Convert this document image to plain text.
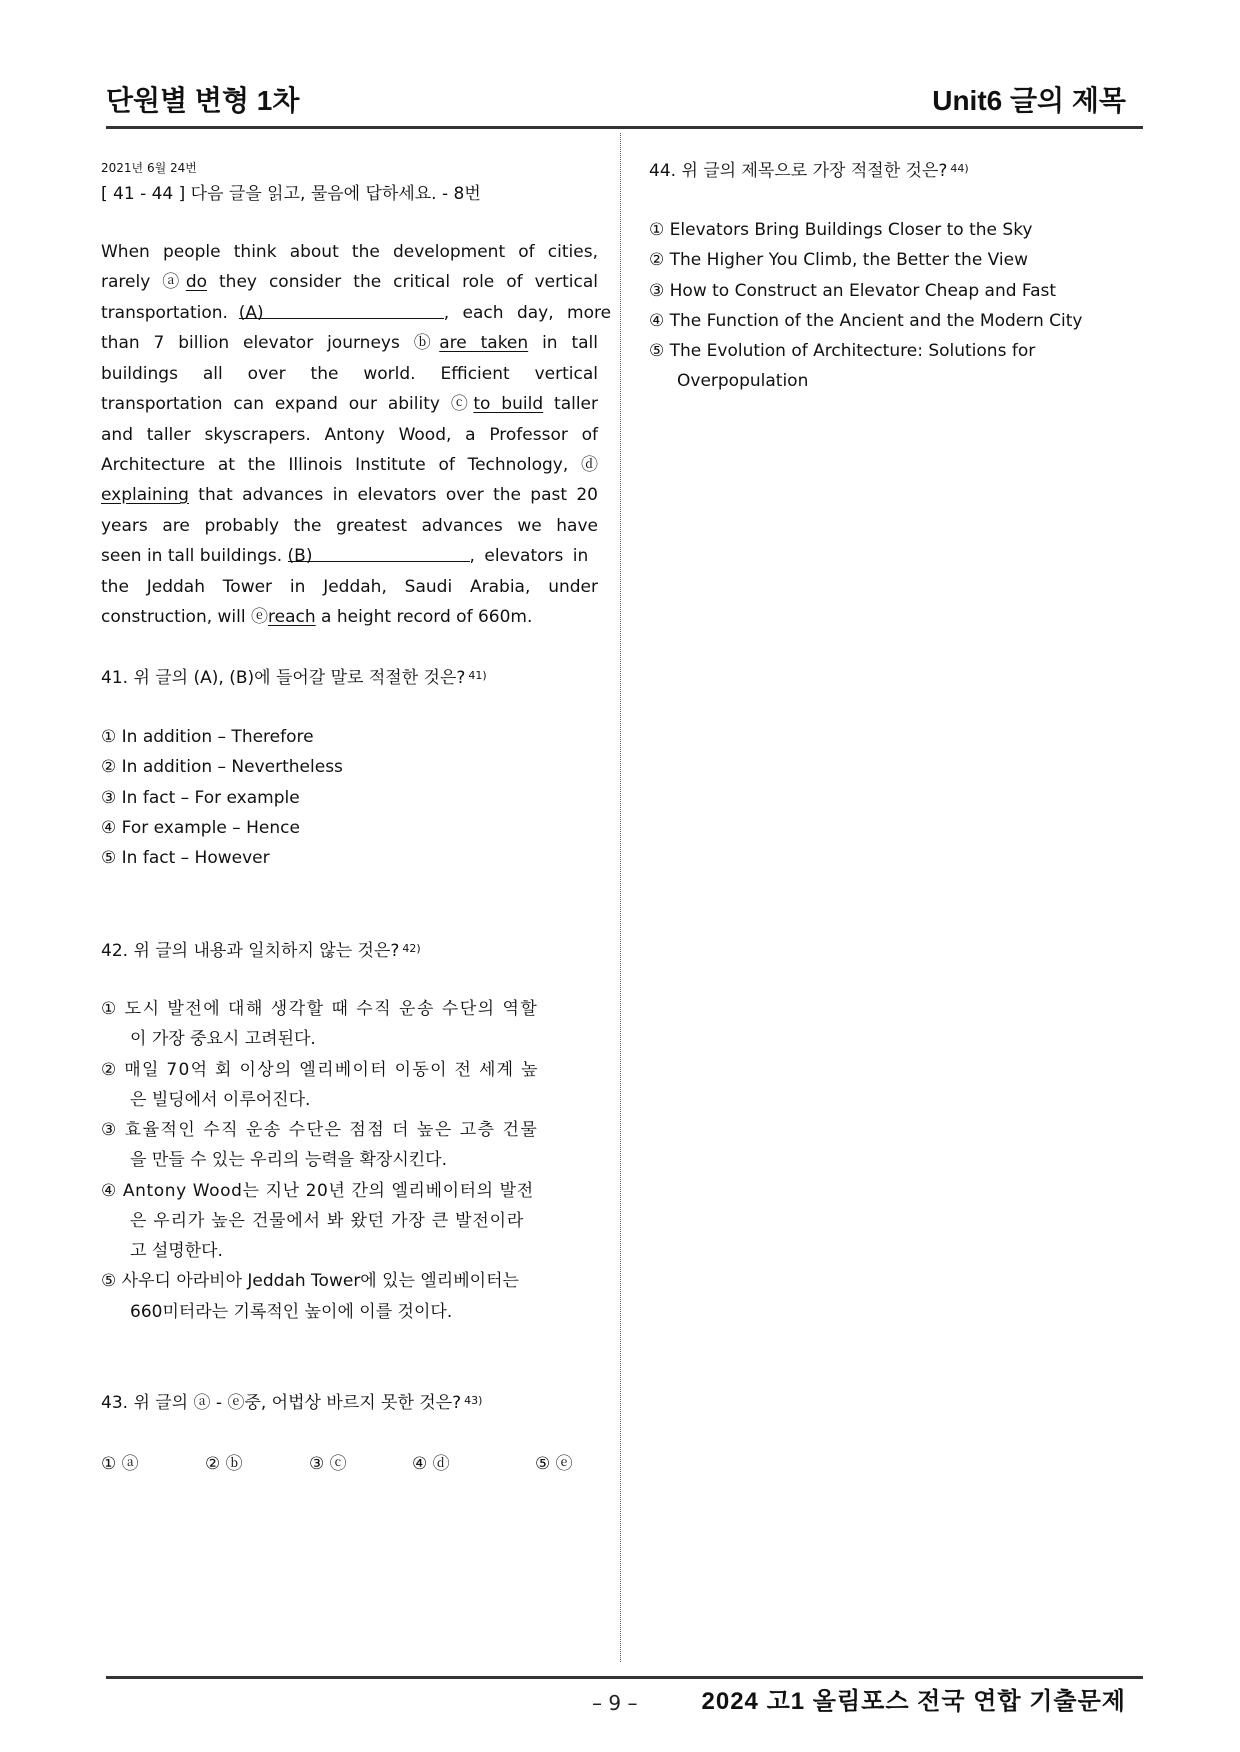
단원별 변형 1차	Unit6 글의 제목
2021년 6월 24번
[ 41 - 44 ] 다음 글을 읽고, 물음에 답하세요. - 8번
When people think about the development of cities,
rarely ⓐdo they consider the critical role of vertical
transportation. (A)	, each day, more
than 7 billion elevator journeys ⓑare taken in tall
buildings all over the world. Efficient vertical
transportation can expand our ability ⓒto build taller
and taller skyscrapers. Antony Wood, a Professor of
Architecture at the Illinois Institute of Technology, ⓓ
explaining that advances in elevators over the past 20
years are probably the greatest advances we have
seen in tall buildings. (B)	, elevators in
the Jeddah Tower in Jeddah, Saudi Arabia, under
construction, will ⓔreach a height record of 660m.
41. 위 글의 (A), (B)에 들어갈 말로 적절한 것은? $^{41)}$
① In addition – Therefore
② In addition – Nevertheless
③ In fact – For example
④ For example – Hence
⑤ In fact – However
42. 위 글의 내용과 일치하지 않는 것은? $^{42)}$
① 도시 발전에 대해 생각할 때 수직 운송 수단의 역할
이 가장 중요시 고려된다.
② 매일 70억 회 이상의 엘리베이터 이동이 전 세계 높
은 빌딩에서 이루어진다.
③ 효율적인 수직 운송 수단은 점점 더 높은 고층 건물
을 만들 수 있는 우리의 능력을 확장시킨다.
④ Antony Wood는 지난 20년 간의 엘리베이터의 발전
은 우리가 높은 건물에서 봐 왔던 가장 큰 발전이라
고 설명한다.
⑤ 사우디 아라비아 Jeddah Tower에 있는 엘리베이터는
660미터라는 기록적인 높이에 이를 것이다.
43. 위 글의 ⓐ - ⓔ중, 어법상 바르지 못한 것은? $^{43)}$
① ⓐ	② ⓑ	③ ⓒ	④ ⓓ	⑤ ⓔ
44. 위 글의 제목으로 가장 적절한 것은? $^{44)}$
① Elevators Bring Buildings Closer to the Sky
② The Higher You Climb, the Better the View
③ How to Construct an Elevator Cheap and Fast
④ The Function of the Ancient and the Modern City
⑤ The Evolution of Architecture: Solutions for
Overpopulation
– 9 –	2024 고1 올림포스 전국 연합 기출문제
